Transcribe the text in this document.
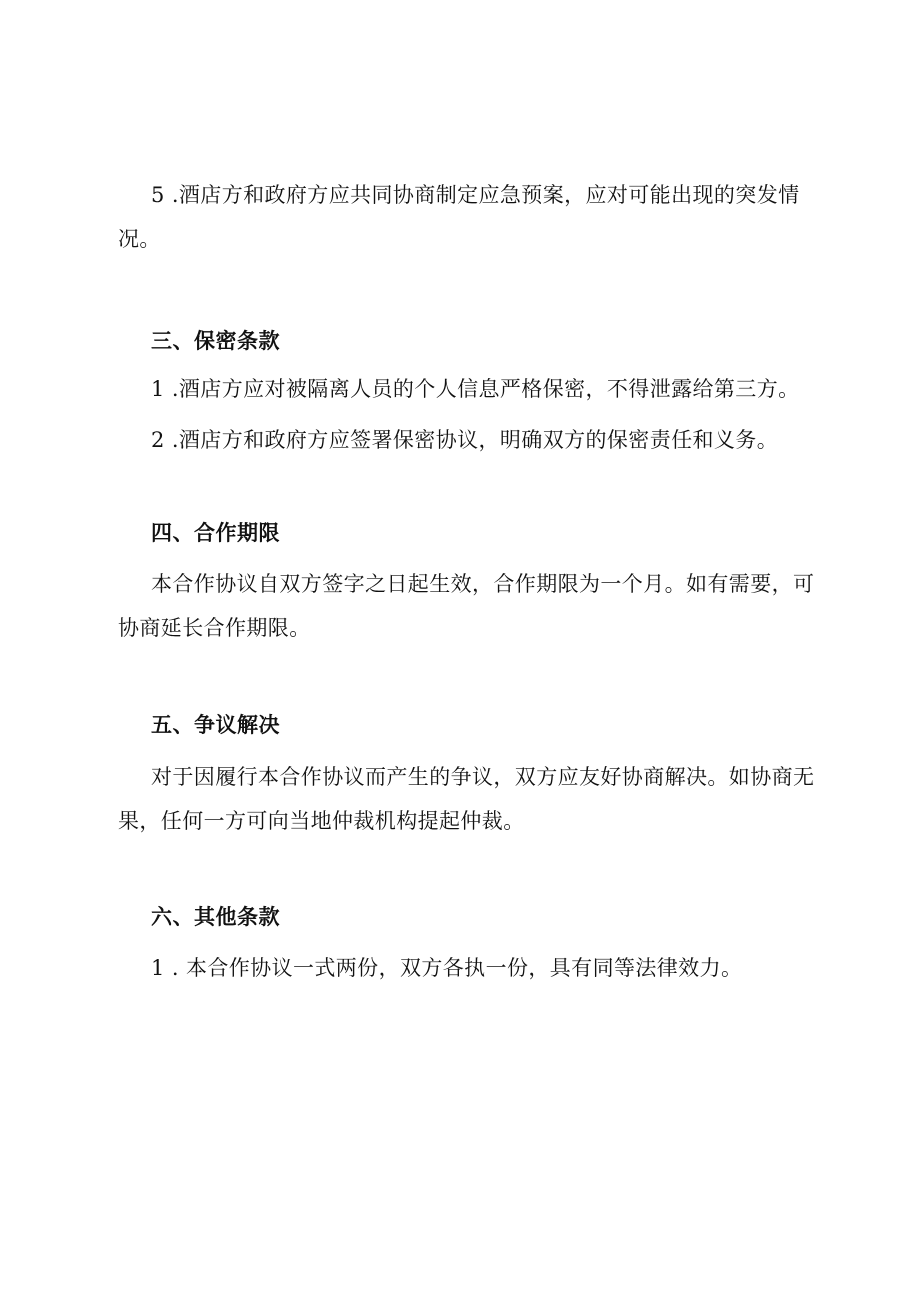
5 .酒店方和政府方应共同协商制定应急预案，应对可能出现的突发情况。

三、保密条款

1 .酒店方应对被隔离人员的个人信息严格保密，不得泄露给第三方。

2 .酒店方和政府方应签署保密协议，明确双方的保密责任和义务。

四、合作期限

本合作协议自双方签字之日起生效，合作期限为一个月。如有需要，可协商延长合作期限。

五、争议解决

对于因履行本合作协议而产生的争议，双方应友好协商解决。如协商无果，任何一方可向当地仲裁机构提起仲裁。

六、其他条款

1 . 本合作协议一式两份，双方各执一份，具有同等法律效力。
